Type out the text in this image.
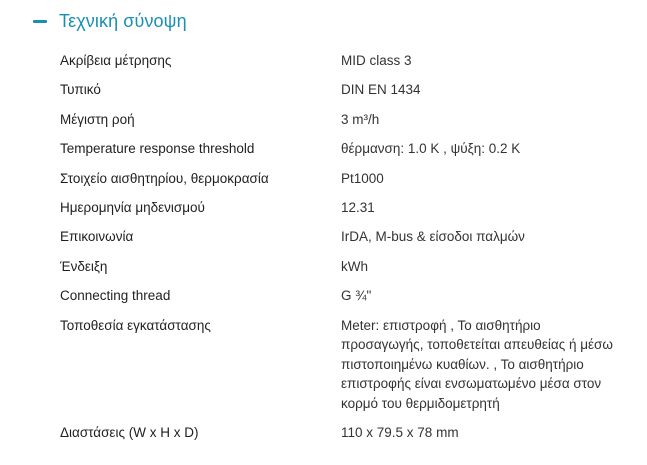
Τεχνική σύνοψη
Ακρίβεια μέτρησης	MID class 3
Τυπικό	DIN EN 1434
Μέγιστη ροή	3 m³/h
Temperature response threshold	θέρμανση: 1.0 K , ψύξη: 0.2 K
Στοιχείο αισθητηρίου, θερμοκρασία	Pt1000
Ημερομηνία μηδενισμού	12.31
Επικοινωνία	IrDA, M-bus & είσοδοι παλμών
Ένδειξη	kWh
Connecting thread	G ¾"
Τοποθεσία εγκατάστασης	Meter: επιστροφή , Το αισθητήριο προσαγωγής, τοποθετείται απευθείας ή μέσω πιστοποιημένω κυαθίων. , Το αισθητήριο επιστροφής είναι ενσωματωμένο μέσα στον κορμό του θερμιδομετρητή
Διαστάσεις (W x H x D)	110 x 79.5 x 78 mm
